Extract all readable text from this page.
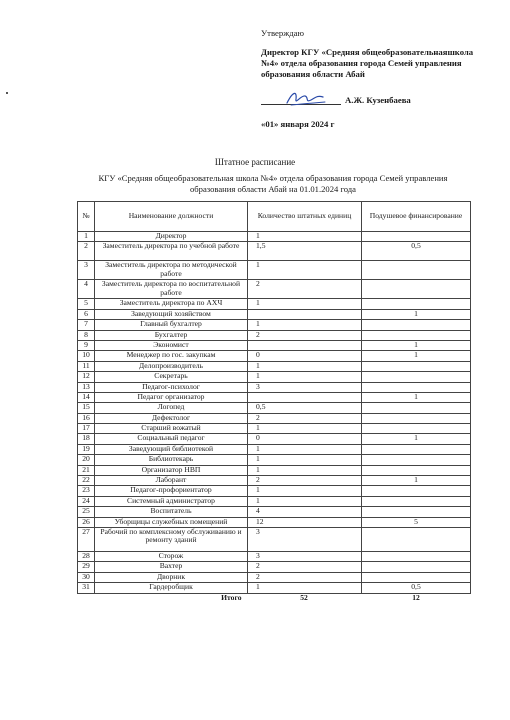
Утверждаю
Директор КГУ «Средняя общеобразовательнаяшкола №4» отдела образования города Семей управления образования области Абай
А.Ж. Кузенбаева
«01» января 2024 г
Штатное расписание
КГУ «Средняя общеобразовательная школа №4» отдела образования города Семей управления образования области Абай на 01.01.2024 года
№	Наименование должности	Количество штатных единиц	Подушевое финансирование
1	Директор	1	
2	Заместитель директора по учебной работе	1,5	0,5
3	Заместитель директора по методической работе	1	
4	Заместитель директора по воспитательной работе	2	
5	Заместитель директора по АХЧ	1	
6	Заведующий хозяйством		1
7	Главный бухгалтер	1	
8	Бухгалтер	2	
9	Экономист		1
10	Менеджер по гос. закупкам	0	1
11	Делопроизводитель	1	
12	Секретарь	1	
13	Педагог-психолог	3	
14	Педагог организатор		1
15	Логопед	0,5	
16	Дефектолог	2	
17	Старший вожатый	1	
18	Социальный педагог	0	1
19	Заведующий библиотекой	1	
20	Библиотекарь	1	
21	Организатор НВП	1	
22	Лаборант	2	1
23	Педагог-профориентатор	1	
24	Системный администратор	1	
25	Воспитатель	4	
26	Уборщицы служебных помещений	12	5
27	Рабочий по комплексному обслуживанию и ремонту зданий	3	
28	Сторож	3	
29	Вахтер	2	
30	Дворник	2	
31	Гардеробщик	1	0,5
Итого		52	12
